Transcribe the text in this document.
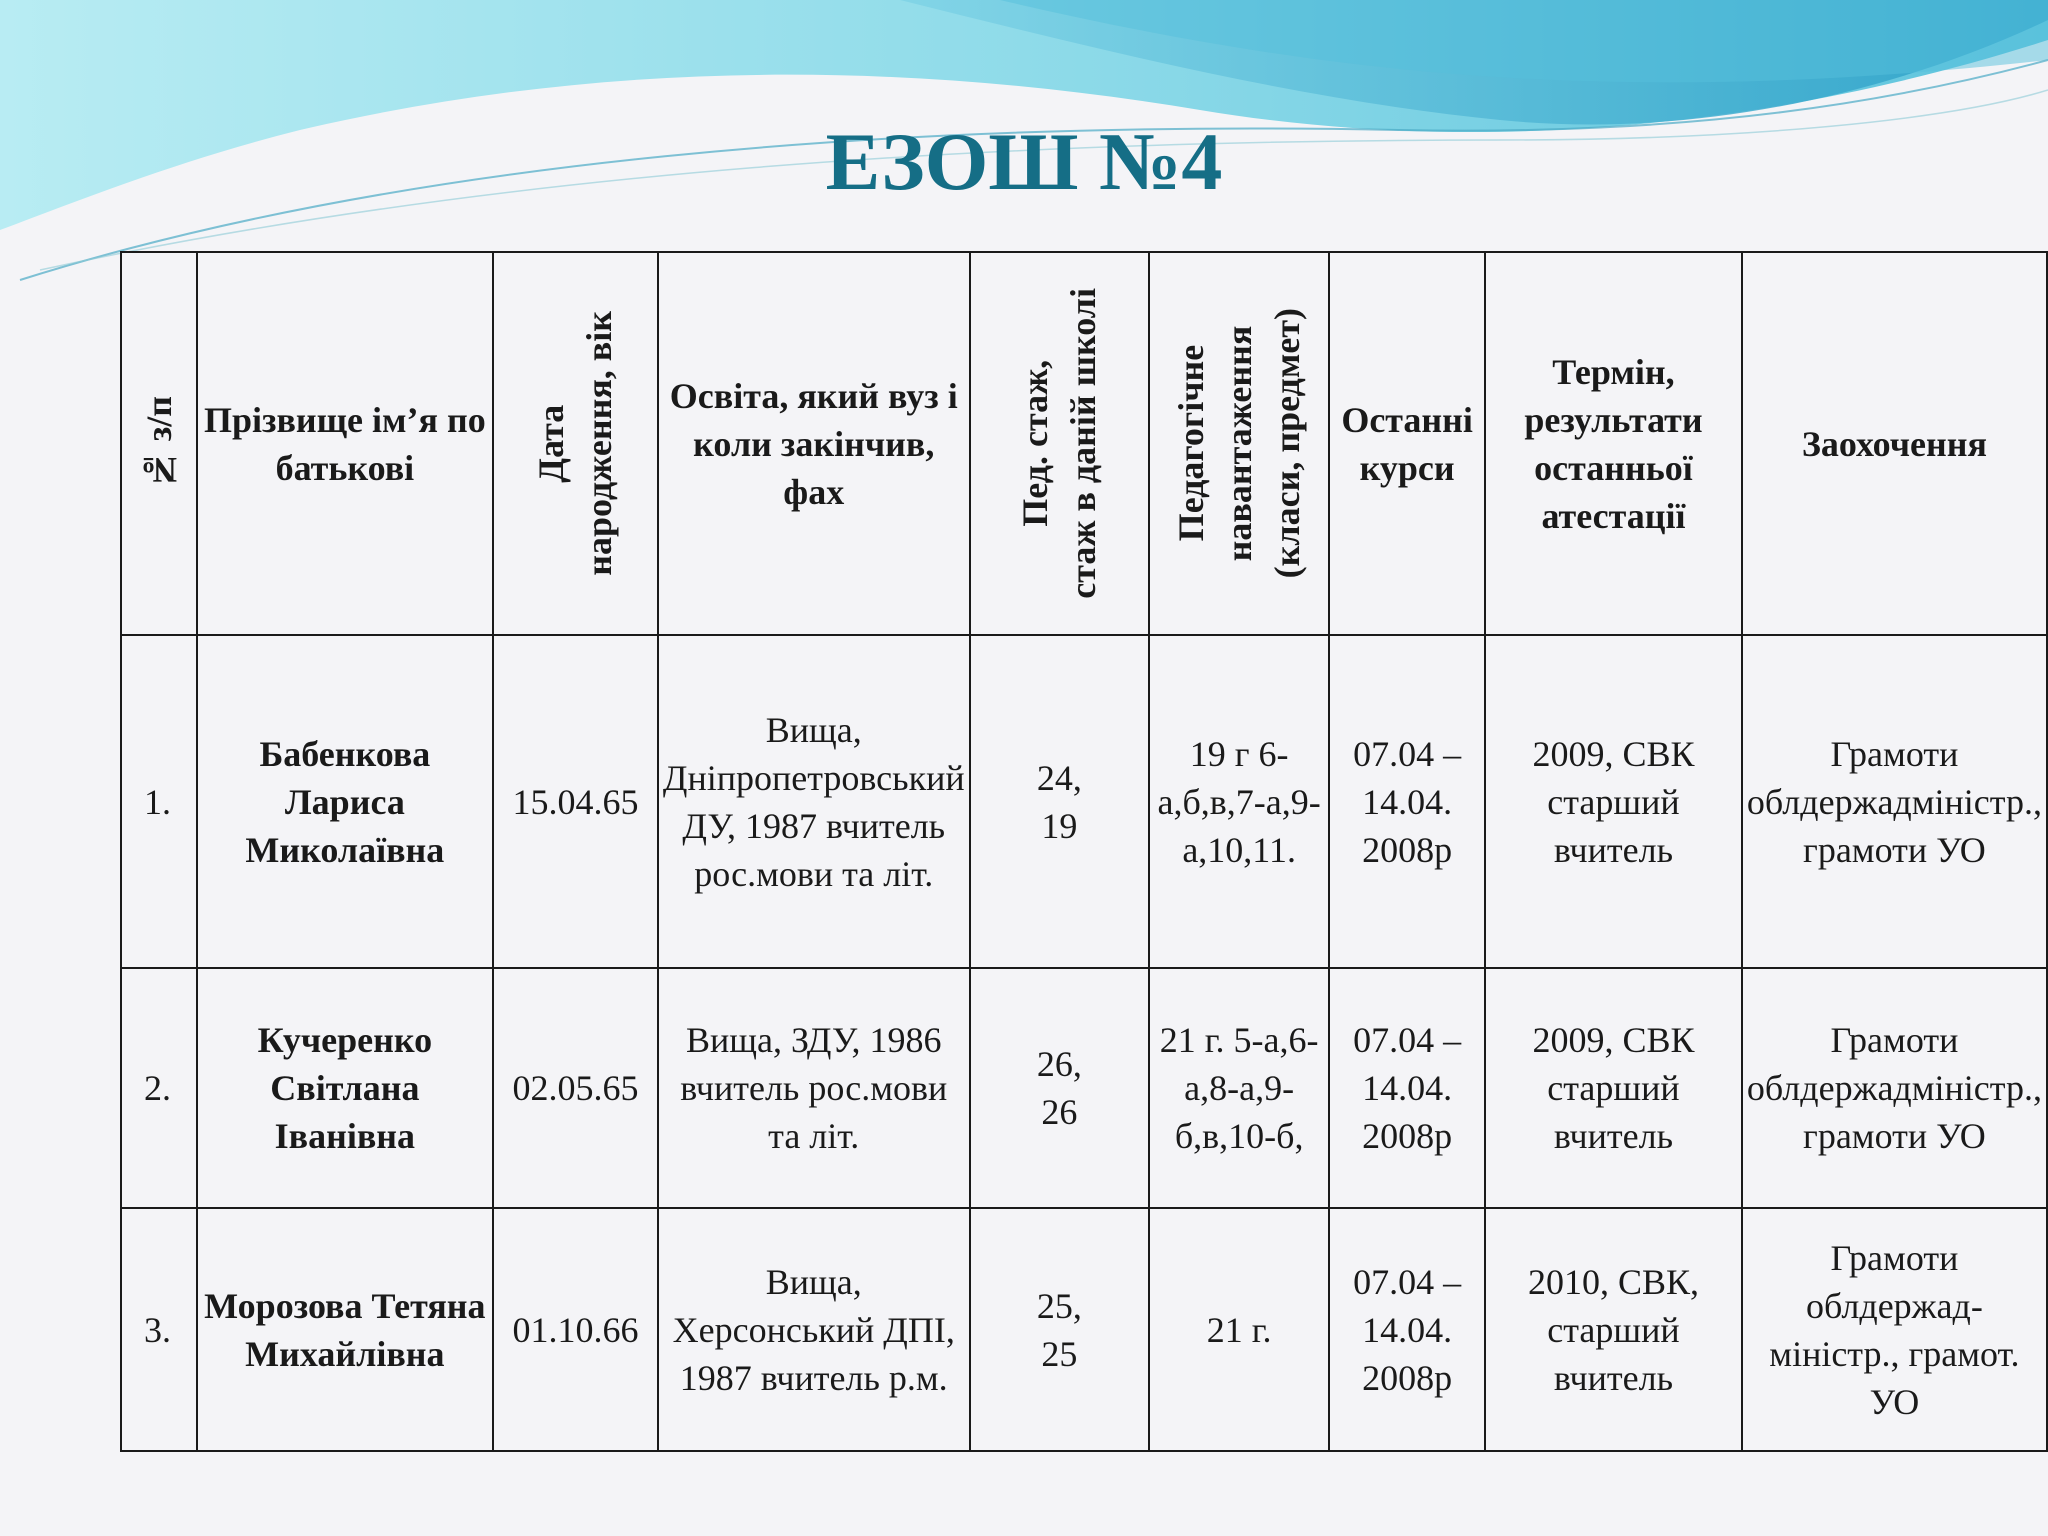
ЕЗОШ №4
№ з/п	Прізвище ім’я по батькові	Дата народження, вік	Освіта, який вуз і коли закінчив, фах	Пед. стаж, стаж в даній школі	Педагогічне навантаження (класи, предмет)	Останні курси	Термін, результати останньої атестації	Заохочення
1.	Бабенкова Лариса Миколаївна	15.04.65	Вища, Дніпропетровський ДУ, 1987 вчитель рос.мови та літ.	24, 19	19 г 6-а,б,в,7-а,9-а,10,11.	07.04 – 14.04. 2008р	2009, СВК старший вчитель	Грамоти облдержадміністр., грамоти УО
2.	Кучеренко Світлана Іванівна	02.05.65	Вища, ЗДУ, 1986 вчитель рос.мови та літ.	26, 26	21 г. 5-а,6-а,8-а,9-б,в,10-б,	07.04 – 14.04. 2008р	2009, СВК старший вчитель	Грамоти облдержадміністр., грамоти УО
3.	Морозова Тетяна Михайлівна	01.10.66	Вища, Херсонський ДПІ, 1987 вчитель р.м.	25, 25	21 г.	07.04 – 14.04. 2008р	2010, СВК, старший вчитель	Грамоти облдержад-міністр., грамот. УО
